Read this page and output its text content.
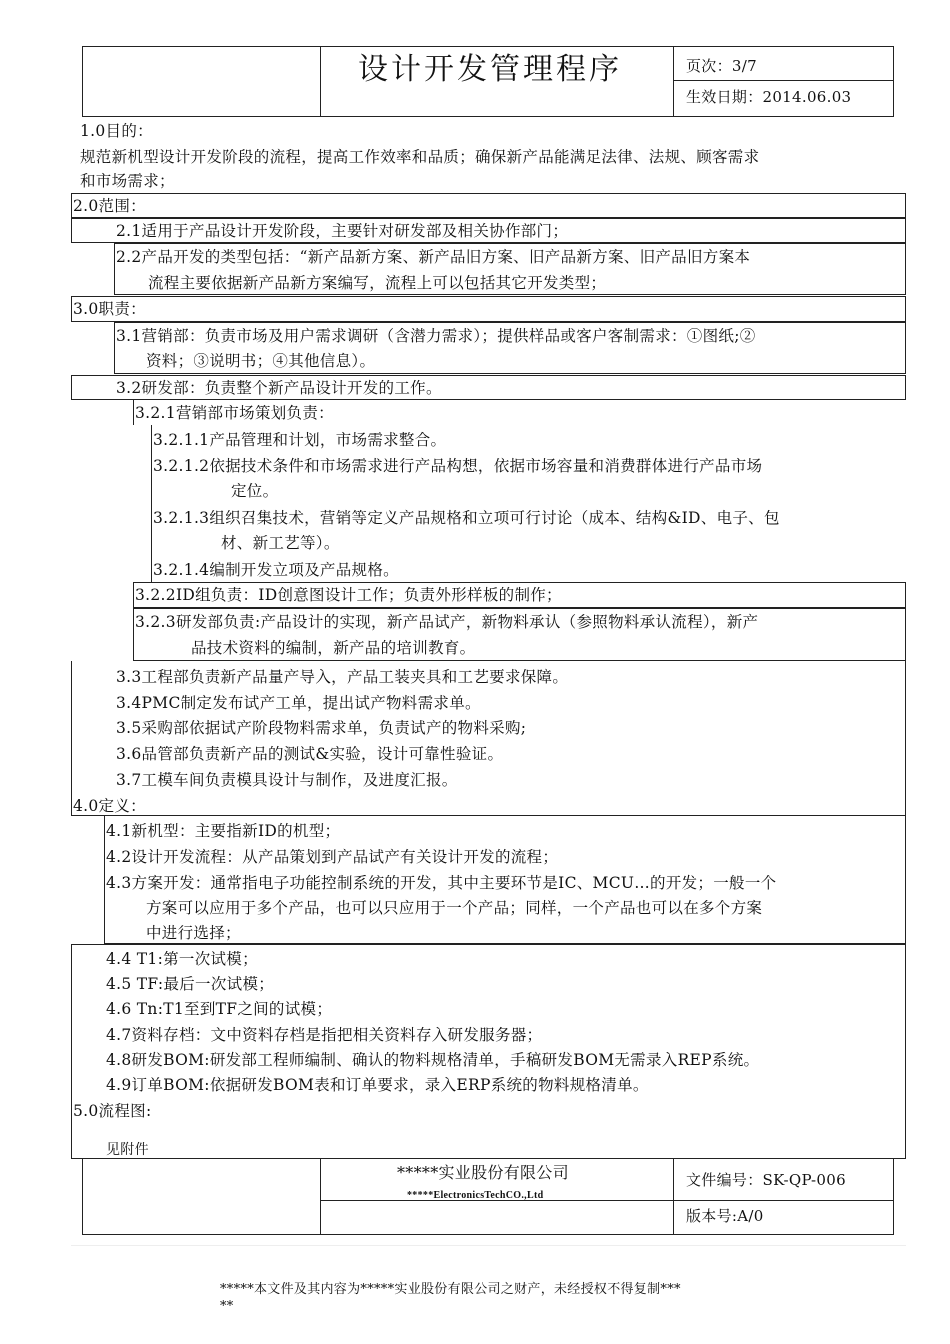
设计开发管理程序	页次：3/7
生效日期：2014.06.03
1.0目的：
规范新机型设计开发阶段的流程，提高工作效率和品质；确保新产品能满足法律、法规、顾客需求
和市场需求；
2.0范围：
2.1适用于产品设计开发阶段，主要针对研发部及相关协作部门；
2.2产品开发的类型包括：“新产品新方案、新产品旧方案、旧产品新方案、旧产品旧方案本
流程主要依据新产品新方案编写，流程上可以包括其它开发类型；
3.0职责：
3.1营销部：负责市场及用户需求调研（含潜力需求）；提供样品或客户客制需求：①图纸;②
资料；③说明书；④其他信息）。
3.2研发部：负责整个新产品设计开发的工作。
3.2.1营销部市场策划负责：
3.2.1.1产品管理和计划，市场需求整合。
3.2.1.2依据技术条件和市场需求进行产品构想，依据市场容量和消费群体进行产品市场
定位。
3.2.1.3组织召集技术，营销等定义产品规格和立项可行讨论（成本、结构&ID、电子、包
材、新工艺等）。
3.2.1.4编制开发立项及产品规格。
3.2.2ID组负责：ID创意图设计工作；负责外形样板的制作；
3.2.3研发部负责:产品设计的实现，新产品试产，新物料承认（参照物料承认流程），新产
品技术资料的编制，新产品的培训教育。
3.3工程部负责新产品量产导入，产品工装夹具和工艺要求保障。
3.4PMC制定发布试产工单，提出试产物料需求单。
3.5采购部依据试产阶段物料需求单，负责试产的物料采购;
3.6品管部负责新产品的测试&实验，设计可靠性验证。
3.7工模车间负责模具设计与制作，及进度汇报。
4.0定义：
4.1新机型：主要指新ID的机型；
4.2设计开发流程：从产品策划到产品试产有关设计开发的流程；
4.3方案开发：通常指电子功能控制系统的开发，其中主要环节是IC、MCU…的开发；一般一个
方案可以应用于多个产品，也可以只应用于一个产品；同样，一个产品也可以在多个方案
中进行选择；
4.4 T1:第一次试模；
4.5 TF:最后一次试模；
4.6 Tn:T1至到TF之间的试模；
4.7资料存档：文中资料存档是指把相关资料存入研发服务器；
4.8研发BOM:研发部工程师编制、确认的物料规格清单，手稿研发BOM无需录入REP系统。
4.9订单BOM:依据研发BOM表和订单要求，录入ERP系统的物料规格清单。
5.0流程图:
见附件
*****实业股份有限公司
*****ElectronicsTechCO.,Ltd
文件编号：SK-QP-006
版本号:A/0
*****本文件及其内容为*****实业股份有限公司之财产，未经授权不得复制***
**
